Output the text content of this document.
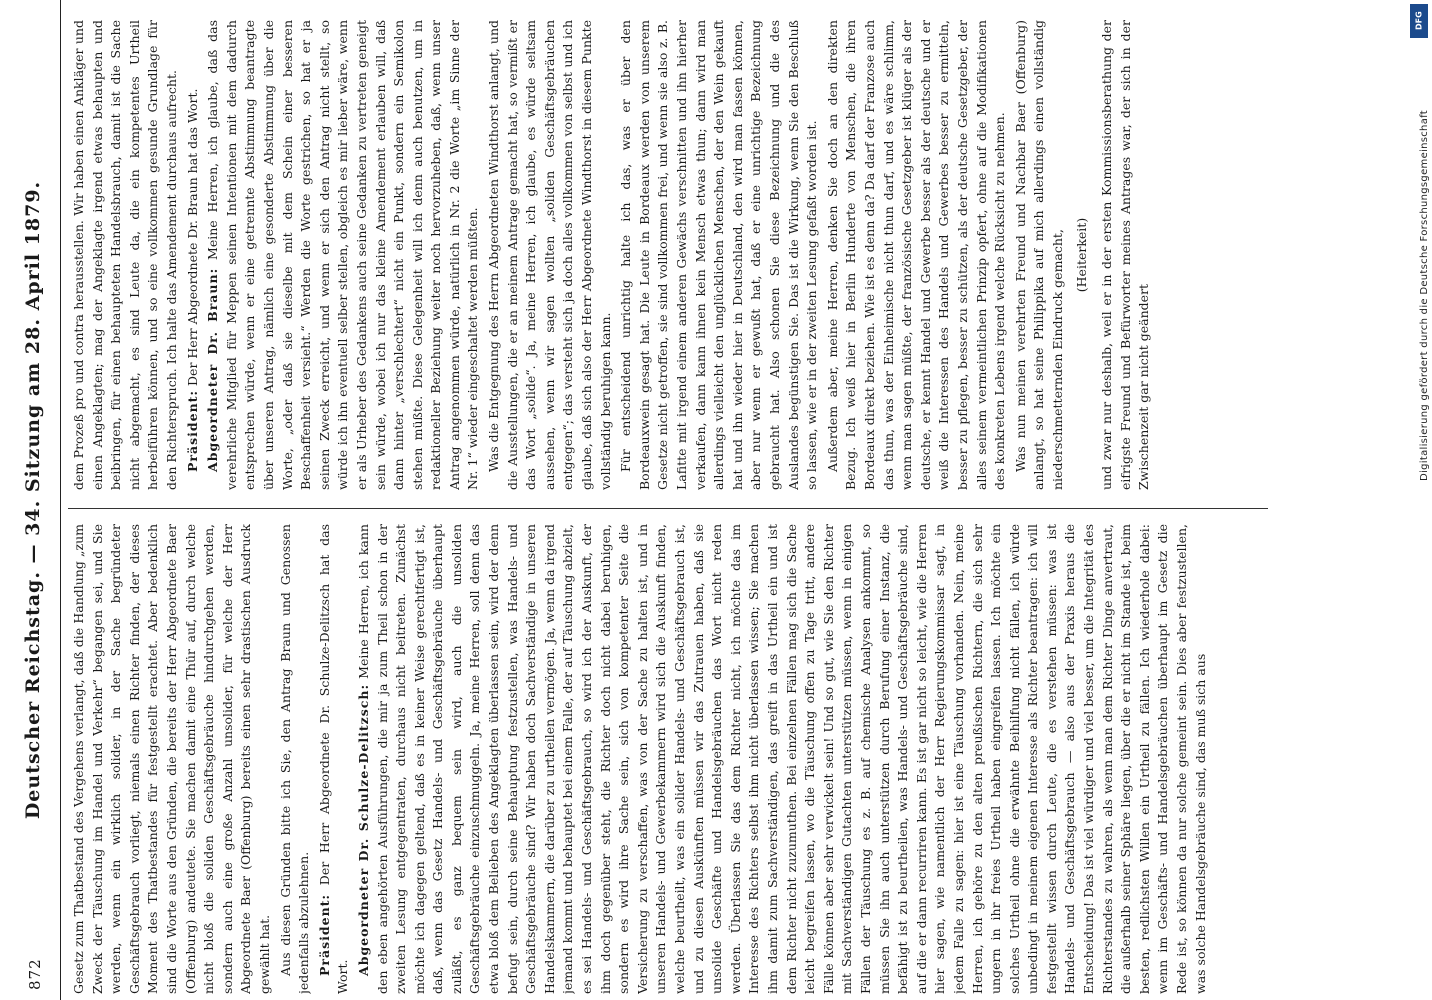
872
Deutscher Reichstag. — 34. Sitzung am 28. April 1879. Gesetz zum Thatbestand des Vergehens verlangt, daß die Handlung „zum Zweck der Täuschung im Handel und Verkehr“ begangen sei, und Sie werden, wenn ein wirklich solider, in der Sache begründeter Geschäftsgebrauch vorliegt, niemals einen Richter finden, der dieses Moment des Thatbestandes für festgestellt erachtet. Aber bedenklich sind die Worte aus den Gründen, die bereits der Herr Abgeordnete Baer (Offenburg) andeutete. Sie machen damit eine Thür auf, durch welche nicht bloß die soliden Geschäftsgebräuche hindurchgehen werden, sondern auch eine große Anzahl unsolider, für welche der Herr Abgeordnete Baer (Offenburg) bereits einen sehr drastischen Ausdruck gewählt hat. Aus diesen Gründen bitte ich Sie, den Antrag Braun und Genossen jedenfalls abzulehnen. Präsident: Der Herr Abgeordnete Dr. Schulze-Delitzsch hat das Wort.

Abgeordneter Dr. Schulze-Delitzsch: Meine Herren, ich kann den eben angehörten Ausführungen, die mir ja zum Theil schon in der zweiten Lesung entgegentraten, durchaus nicht beitreten. Zunächst möchte ich dagegen geltend, daß es in keiner Weise gerechtfertigt ist, daß, wenn das Gesetz Handels- und Geschäftsgebräuche überhaupt zuläßt, es ganz bequem sein wird, auch die unsoliden Geschäftsgebräuche einzuschmuggeln. Ja, meine Herren, soll denn das etwa bloß dem Belieben des Angeklagten überlassen sein, wird der denn befugt sein, durch seine Behauptung festzustellen, was Handels- und Geschäftsgebräuche sind? Wir haben doch Sachverständige in unseren Handelskammern, die darüber zu urtheilen vermögen. Ja, wenn da irgend jemand kommt und behauptet bei einem Falle, der auf Täuschung abzielt, es sei Handels- und Geschäftsgebrauch, so wird ich der Auskunft, der ihm doch gegenüber steht, die Richter doch nicht dabei beruhigen, sondern es wird ihre Sache sein, sich von kompetenter Seite die Versicherung zu verschaffen, was von der Sache zu halten ist, und in unseren Handels- und Gewerbekammern wird sich die Auskunft finden, welche beurtheilt, was ein solider Handels- und Geschäftsgebrauch ist, und zu diesen Auskünften müssen wir das Zutrauen haben, daß sie unsolide Geschäfte und Handelsgebräuchen das Wort nicht reden werden. Überlassen Sie das dem Richter nicht, ich möchte das im Interesse des Richters selbst ihm nicht überlassen wissen; Sie machen ihm damit zum Sachverständigen, das greift in das Urtheil ein und ist dem Richter nicht zuzumuthen. Bei einzelnen Fällen mag sich die Sache leicht begreifen lassen, wo die Täuschung offen zu Tage tritt, andere Fälle können aber sehr verwickelt sein! Und so gut, wie Sie den Richter mit Sachverständigen Gutachten unterstützen müssen, wenn in einigen Fällen der Täuschung es z. B. auf chemische Analysen ankommt, so müssen Sie ihn auch unterstützen durch Berufung einer Instanz, die befähigt ist zu beurtheilen, was Handels- und Geschäftsgebräuche sind, auf die er dann recurriren kann. Es ist gar nicht so leicht, wie die Herren hier sagen, wie namentlich der Herr Regierungskommissar sagt, in jedem Falle zu sagen: hier ist eine Täuschung vorhanden. Nein, meine Herren, ich gehöre zu den alten preußischen Richtern, die sich sehr ungern in ihr freies Urtheil haben eingreifen lassen. Ich möchte ein solches Urtheil ohne die erwähnte Beihilfung nicht fällen, ich würde unbedingt in meinem eigenen Interesse als Richter beantragen: ich will festgestellt wissen durch Leute, die es verstehen müssen: was ist Handels- und Geschäftsgebrauch — also aus der Praxis heraus die Entscheidung! Das ist viel würdiger und viel besser, um die Integrität des Richterstandes zu wahren, als wenn man dem Richter Dinge anvertraut, die außerhalb seiner Sphäre liegen, über die er nicht im Stande ist, beim besten, redlichsten Willen ein Urtheil zu fällen. Ich wiederhole dabei: wenn im Geschäfts- und Handelsgebräuchen überhaupt im Gesetz die Rede ist, so können da nur solche gemeint sein. Dies aber festzustellen, was solche Handelsgebräuche sind, das muß sich aus

dem Prozeß pro und contra herausstellen. Wir haben einen Ankläger und einen Angeklagten; mag der Angeklagte irgend etwas behaupten und beibringen, für einen behaupteten Handelsbrauch, damit ist die Sache nicht abgemacht, es sind Leute da, die ein kompetentes Urtheil herbeiführen können, und so eine vollkommen gesunde Grundlage für den Richterspruch. Ich halte das Amendement durchaus aufrecht. Präsident: Der Herr Abgeordnete Dr. Braun hat das Wort. Abgeordneter Dr. Braun: Meine Herren, ich glaube, daß das verehrliche Mitglied für Meppen seinen Intentionen mit dem dadurch entsprechen würde, wenn er eine getrennte Abstimmung beantragte über unseren Antrag, nämlich eine gesonderte Abstimmung über die Worte, „oder daß sie dieselbe mit dem Schein einer besseren Beschaffenheit versieht.“ Werden die Worte gestrichen, so hat er ja seinen Zweck erreicht, und wenn er sich den Antrag nicht stellt, so würde ich ihn eventuell selber stellen, obgleich es mir lieber wäre, wenn er als Urheber des Gedankens auch seine Gedanken zu vertreten geneigt sein würde, wobei ich nur das kleine Amendement erlauben will, daß dann hinter „verschlechtert“ nicht ein Punkt, sondern ein Semikolon stehen müßte. Diese Gelegenheit will ich denn auch benutzen, um in redaktioneller Beziehung weiter noch hervorzuheben, daß, wenn unser Antrag angenommen würde, natürlich in Nr. 2 die Worte „im Sinne der Nr. 1“ wieder eingeschaltet werden müßten. Was die Entgegnung des Herrn Abgeordneten Windthorst anlangt, und die Ausstellungen, die er an meinem Antrage gemacht hat, so vermißt er das Wort „solide“. Ja, meine Herren, ich glaube, es würde seltsam aussehen, wenn wir sagen wollten „soliden Geschäftsgebräuchen entgegen“; das versteht sich ja doch alles vollkommen von selbst und ich glaube, daß sich also der Herr Abgeordnete Windthorst in diesem Punkte vollständig beruhigen kann. Für entscheidend unrichtig halte ich das, was er über den Bordeauxwein gesagt hat. Die Leute in Bordeaux werden von unserem Gesetze nicht getroffen, sie sind vollkommen frei, und wenn sie also z. B. Lafitte mit irgend einem anderen Gewächs verschnitten und ihn hierher verkaufen, dann kann ihnen kein Mensch etwas thun; dann wird man allerdings vielleicht den unglücklichen Menschen, der den Wein gekauft hat und ihn wieder hier in Deutschland, den wird man fassen können, aber nur wenn er gewußt hat, daß er eine unrichtige Bezeichnung gebraucht hat. Also schonen Sie diese Bezeichnung und die des Auslandes begünstigen Sie. Das ist die Wirkung, wenn Sie den Beschluß so lassen, wie er in der zweiten Lesung gefaßt worden ist. Außerdem aber, meine Herren, denken Sie doch an den direkten Bezug. Ich weiß hier in Berlin Hunderte von Menschen, die ihren Bordeaux direkt beziehen. Wie ist es denn da? Da darf der Franzose auch das thun, was der Einheimische nicht thun darf, und es wäre schlimm, wenn man sagen müßte, der französische Gesetzgeber ist klüger als der deutsche, er kennt Handel und Gewerbe besser als der deutsche und er weiß die Interessen des Handels und Gewerbes besser zu ermitteln, besser zu pflegen, besser zu schützen, als der deutsche Gesetzgeber, der alles seinem vermeintlichen Prinzip opfert, ohne auf die Modifikationen des konkreten Lebens irgend welche Rücksicht zu nehmen. Was nun meinen verehrten Freund und Nachbar Baer (Offenburg) anlangt, so hat seine Philippika auf mich allerdings einen vollständig niederschmetternden Eindruck gemacht, (Heiterkeit) und zwar nur deshalb, weil er in der ersten Kommissionsberathung der eifrigste Freund und Befürworter meines Antrages war, der sich in der Zwischenzeit gar nicht geändert

DFG
Digitalisierung gefördert durch die Deutsche Forschungsgemeinschaft
